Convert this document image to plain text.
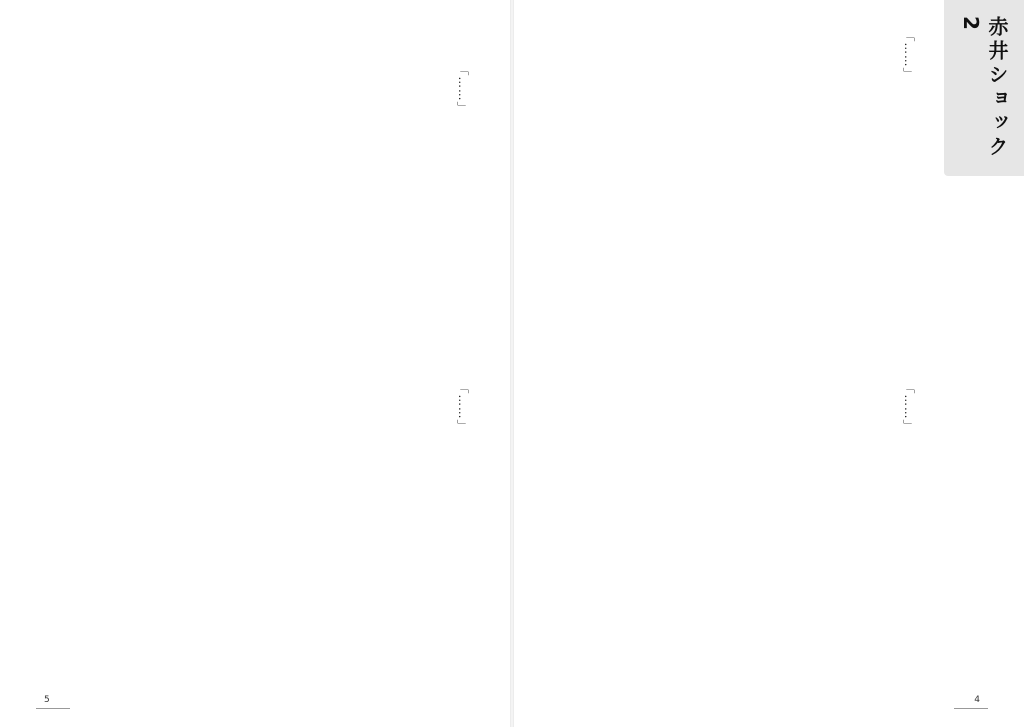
「……」
「……」
5
赤井ショック2
「……」
「……」
4
